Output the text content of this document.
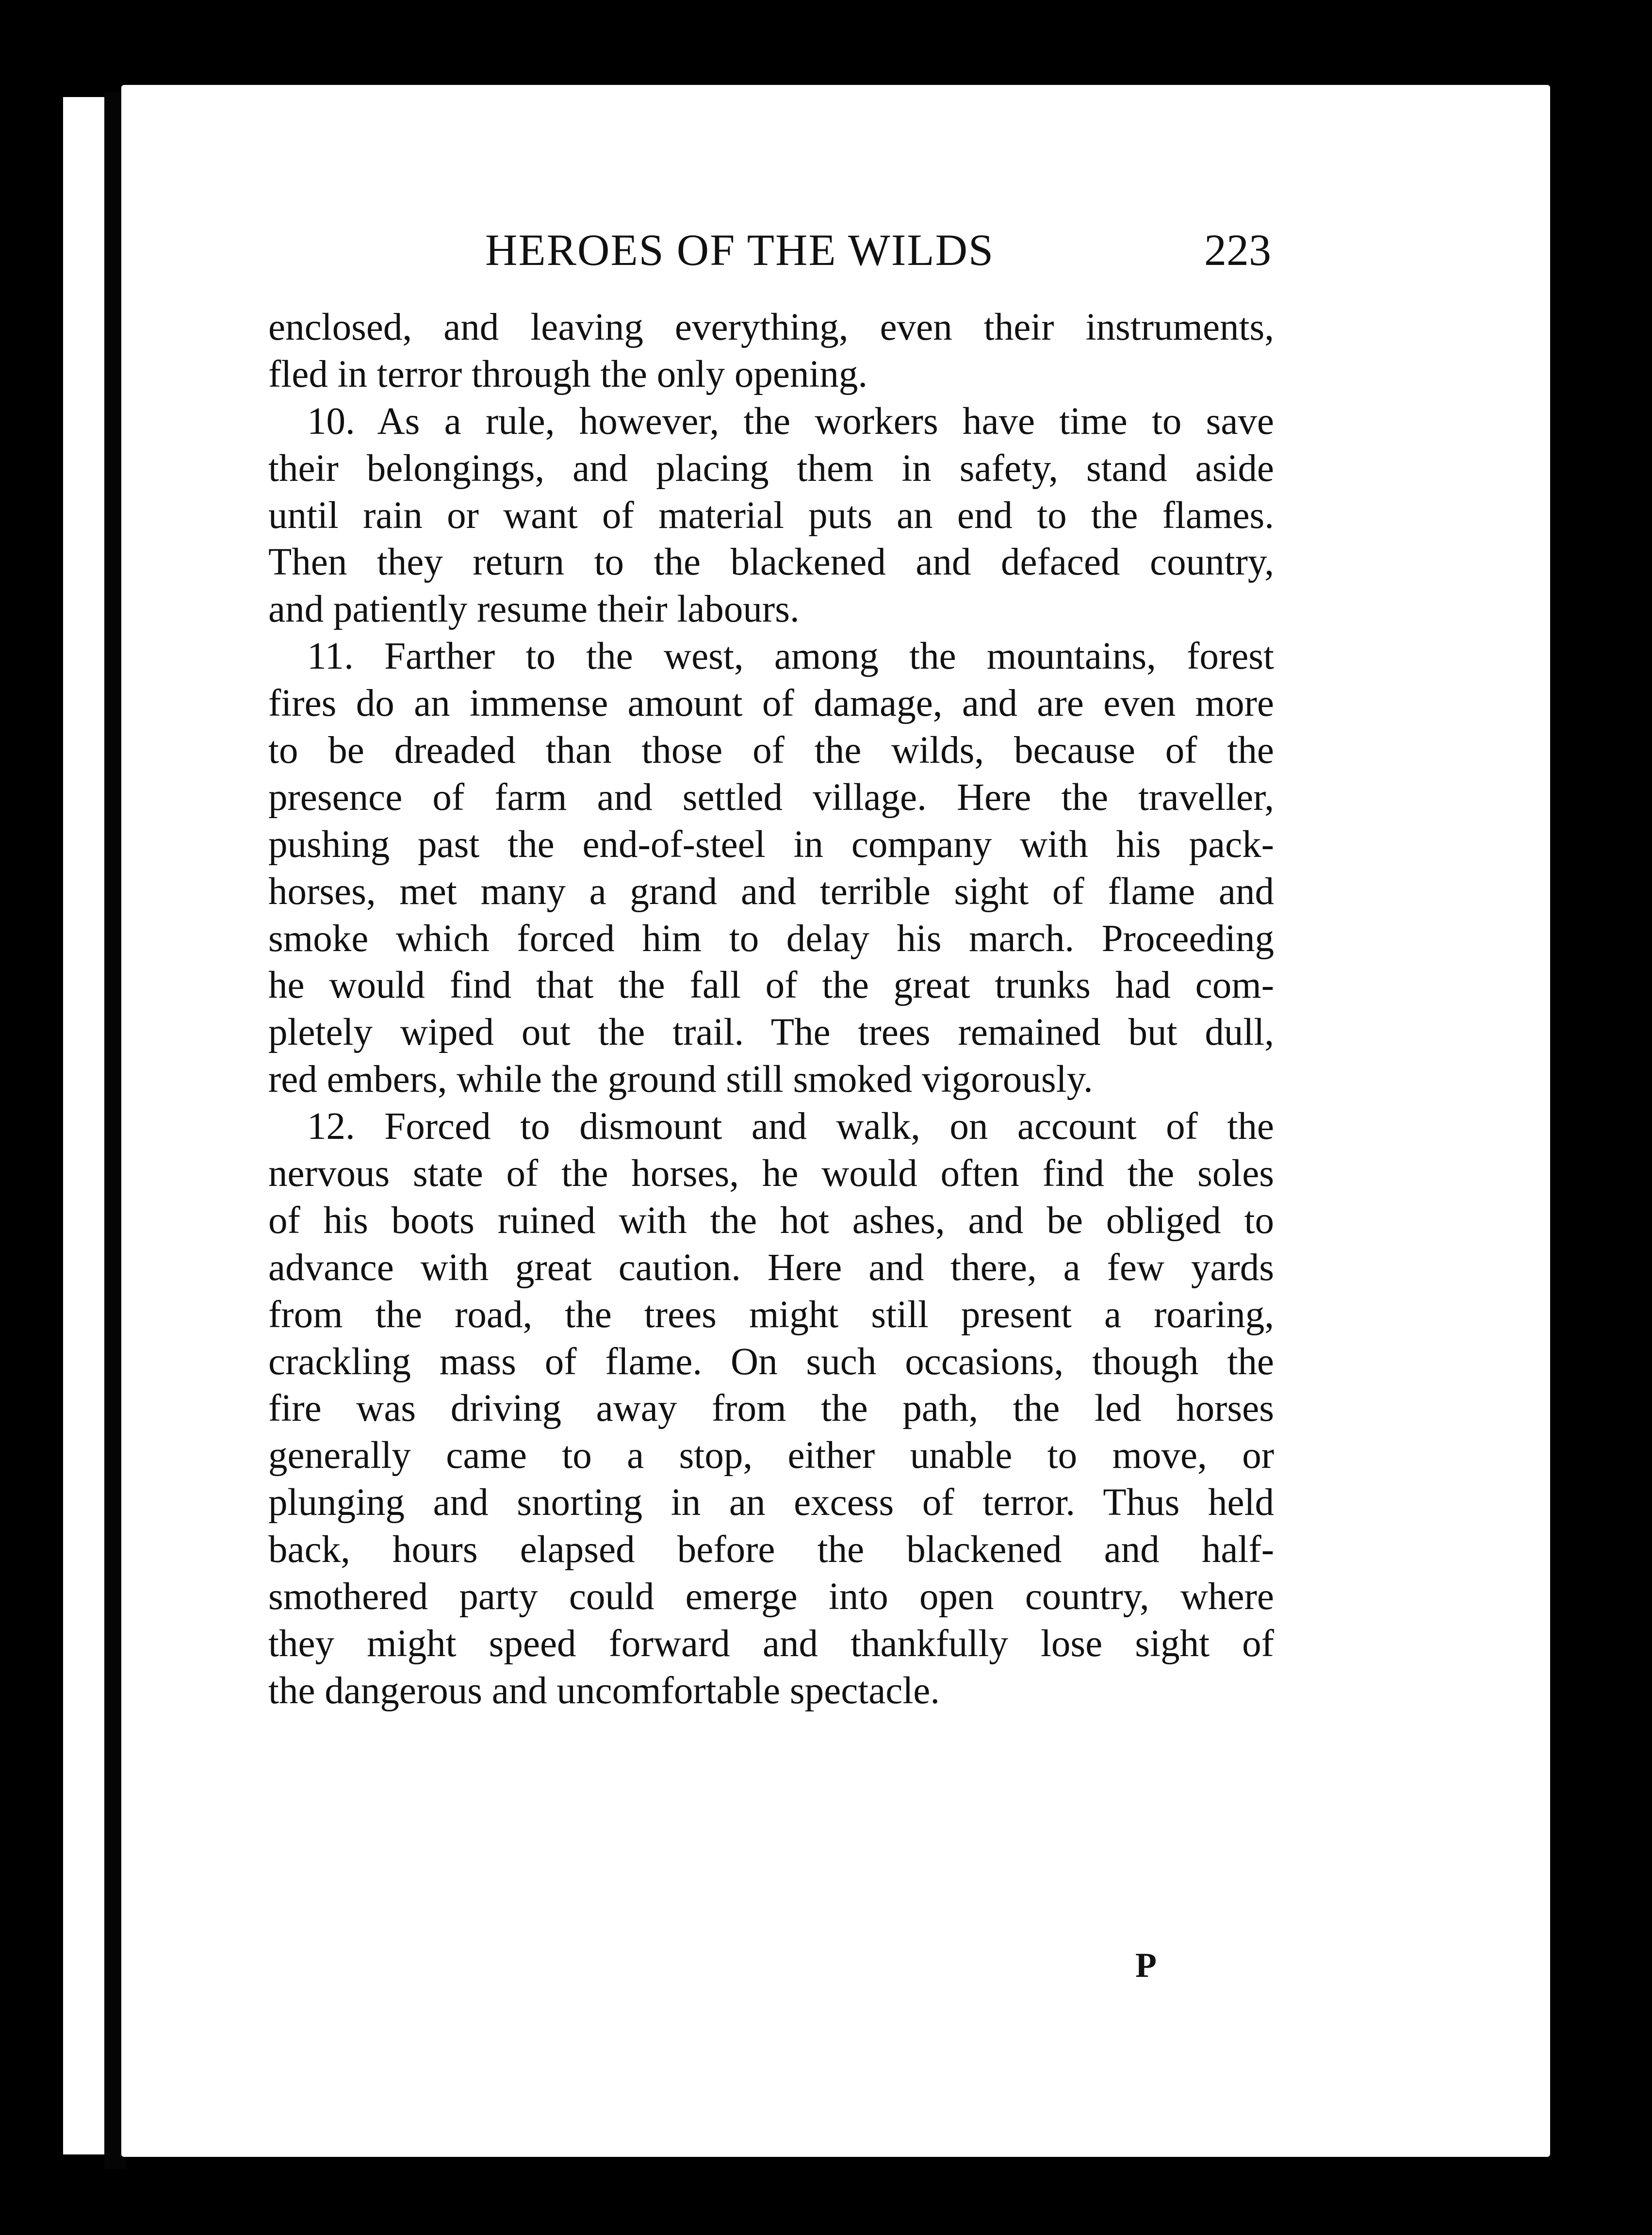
HEROES OF THE WILDS	223
enclosed, and leaving everything, even their instruments,
fled in terror through the only opening.
10. As a rule, however, the workers have time to save
their belongings, and placing them in safety, stand aside
until rain or want of material puts an end to the flames.
Then they return to the blackened and defaced country,
and patiently resume their labours.
11. Farther to the west, among the mountains, forest
fires do an immense amount of damage, and are even more
to be dreaded than those of the wilds, because of the
presence of farm and settled village. Here the traveller,
pushing past the end-of-steel in company with his pack-
horses, met many a grand and terrible sight of flame and
smoke which forced him to delay his march. Proceeding
he would find that the fall of the great trunks had com-
pletely wiped out the trail. The trees remained but dull,
red embers, while the ground still smoked vigorously.
12. Forced to dismount and walk, on account of the
nervous state of the horses, he would often find the soles
of his boots ruined with the hot ashes, and be obliged to
advance with great caution. Here and there, a few yards
from the road, the trees might still present a roaring,
crackling mass of flame. On such occasions, though the
fire was driving away from the path, the led horses
generally came to a stop, either unable to move, or
plunging and snorting in an excess of terror. Thus held
back, hours elapsed before the blackened and half-
smothered party could emerge into open country, where
they might speed forward and thankfully lose sight of
the dangerous and uncomfortable spectacle.
P
